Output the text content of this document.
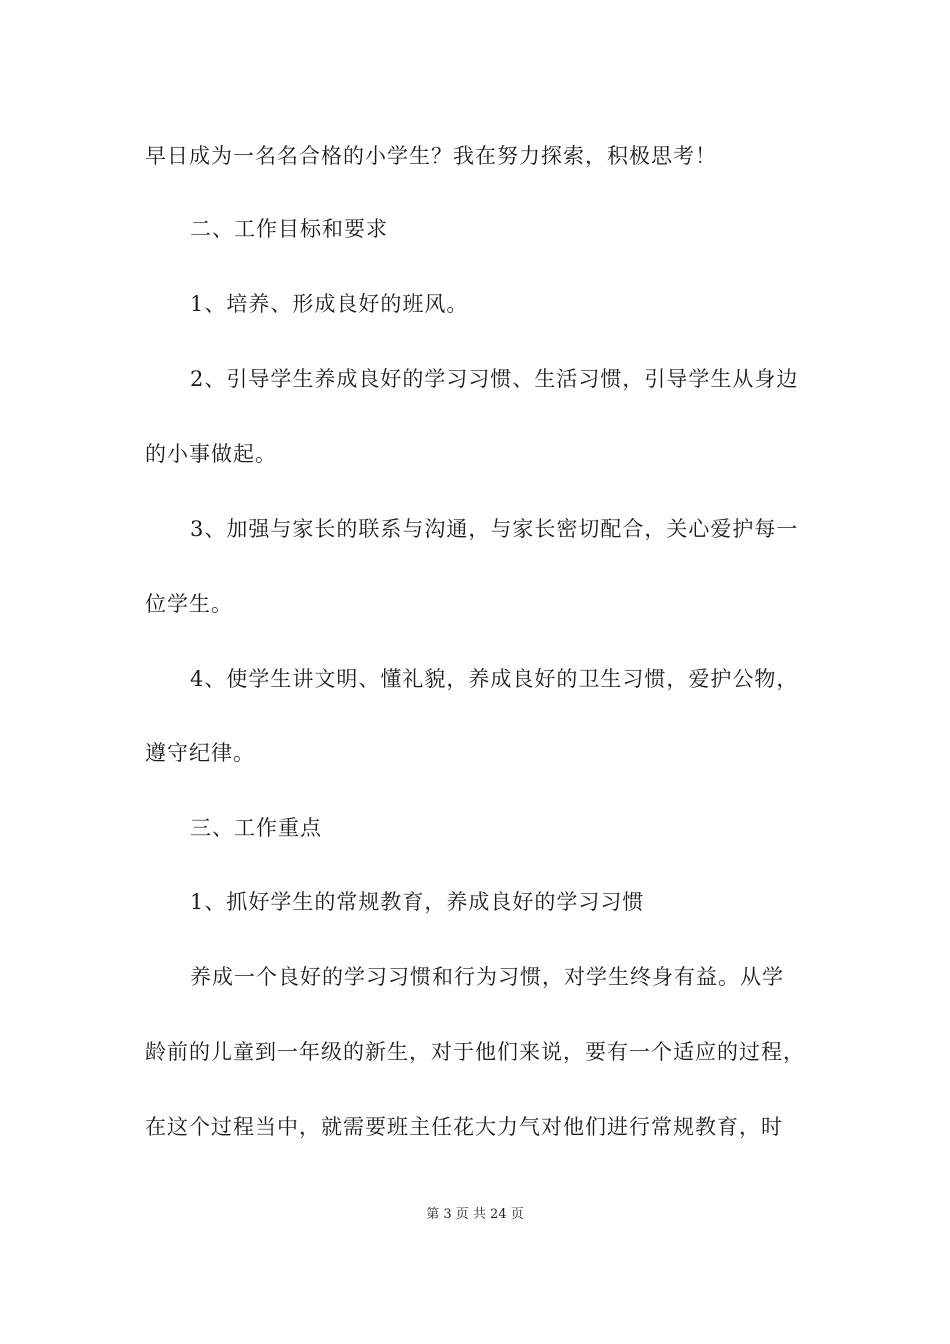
早日成为一名名合格的小学生？我在努力探索，积极思考！
二、工作目标和要求
1、培养、形成良好的班风。
2、引导学生养成良好的学习习惯、生活习惯，引导学生从身边
的小事做起。
3、加强与家长的联系与沟通，与家长密切配合，关心爱护每一
位学生。
4、使学生讲文明、懂礼貌，养成良好的卫生习惯，爱护公物，
遵守纪律。
三、工作重点
1、抓好学生的常规教育，养成良好的学习习惯
养成一个良好的学习习惯和行为习惯，对学生终身有益。从学
龄前的儿童到一年级的新生，对于他们来说，要有一个适应的过程，
在这个过程当中，就需要班主任花大力气对他们进行常规教育，时
第 3 页 共 24 页
